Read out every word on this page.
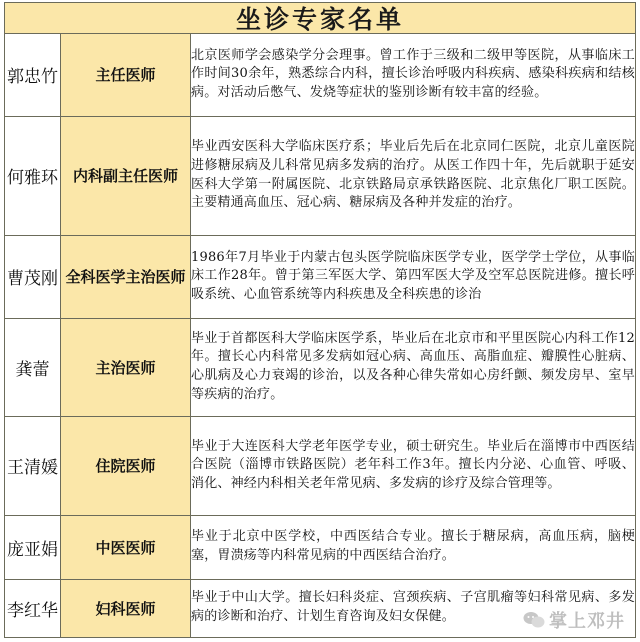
坐诊专家名单
郭忠竹	主任医师	北京医师学会感染学分会理事。曾工作于三级和二级甲等医院，从事临床工作时间30余年，熟悉综合内科，擅长诊治呼吸内科疾病、感染科疾病和结核病。对活动后憋气、发烧等症状的鉴别诊断有较丰富的经验。
何雅环	内科副主任医师	毕业西安医科大学临床医疗系；毕业后先后在北京同仁医院，北京儿童医院进修糖尿病及儿科常见病多发病的治疗。从医工作四十年，先后就职于延安医科大学第一附属医院、北京铁路局京承铁路医院、北京焦化厂职工医院。主要精通高血压、冠心病、糖尿病及各种并发症的治疗。
曹茂刚	全科医学主治医师	1986年7月毕业于内蒙古包头医学院临床医学专业，医学学士学位，从事临床工作28年。曾于第三军医大学、第四军医大学及空军总医院进修。擅长呼吸系统、心血管系统等内科疾患及全科疾患的诊治
龚蕾	主治医师	毕业于首都医科大学临床医学系，毕业后在北京市和平里医院心内科工作12年。擅长心内科常见多发病如冠心病、高血压、高脂血症、瓣膜性心脏病、心肌病及心力衰竭的诊治，以及各种心律失常如心房纤颤、频发房早、室早等疾病的治疗。
王清媛	住院医师	毕业于大连医科大学老年医学专业，硕士研究生。毕业后在淄博市中西医结合医院（淄博市铁路医院）老年科工作3年。擅长内分泌、心血管、呼吸、消化、神经内科相关老年常见病、多发病的诊疗及综合管理等。
庞亚娟	中医医师	毕业于北京中医学校，中西医结合专业。擅长于糖尿病，高血压病，脑梗塞，胃溃疡等内科常见病的中西医结合治疗。
李红华	妇科医师	毕业于中山大学。擅长妇科炎症、宫颈疾病、子宫肌瘤等妇科常见病、多发病的诊断和治疗、计划生育咨询及妇女保健。	掌上邓井
